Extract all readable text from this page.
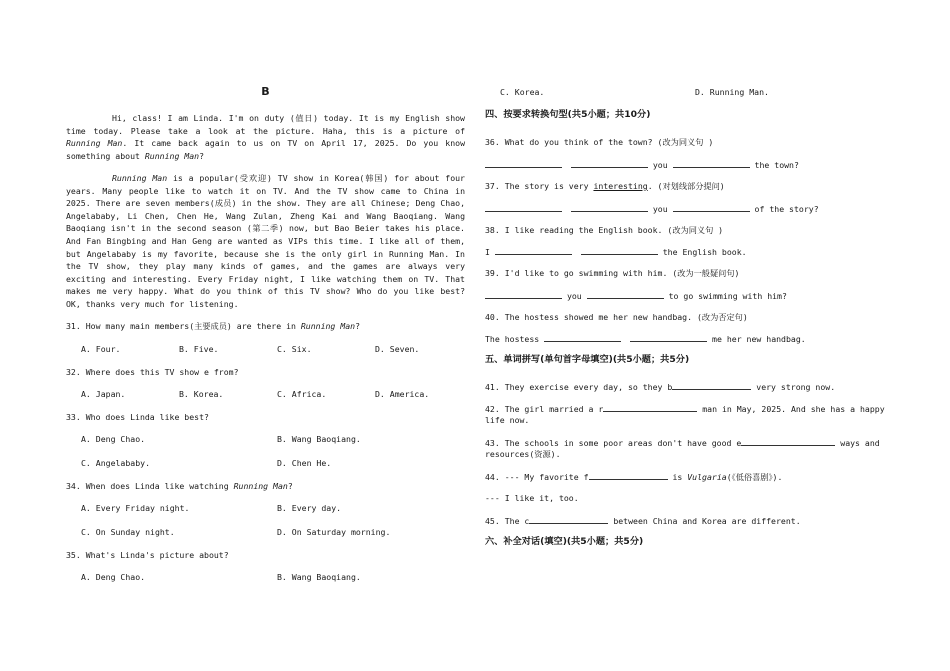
B

Hi, class! I am Linda. I'm on duty (值日) today. It is my English show time today. Please take a look at the picture. Haha, this is a picture of Running Man. It came back again to us on TV on April 17, 2025. Do you know something about Running Man?

Running Man is a popular(受欢迎) TV show in Korea(韩国) for about four years. Many people like to watch it on TV. And the TV show came to China in 2025. There are seven members(成员) in the show. They are all Chinese; Deng Chao, Angelababy, Li Chen, Chen He, Wang Zulan, Zheng Kai and Wang Baoqiang. Wang Baoqiang isn't in the second season (第二季) now, but Bao Beier takes his place. And Fan Bingbing and Han Geng are wanted as VIPs this time. I like all of them, but Angelababy is my favorite, because she is the only girl in Running Man. In the TV show, they play many kinds of games, and the games are always very exciting and interesting. Every Friday night, I like watching them on TV. That makes me very happy. What do you think of this TV show? Who do you like best? OK, thanks very much for listening.

31. How many main members(主要成员) are there in Running Man?
A. Four.	B. Five.	C. Six.	D. Seven.
32. Where does this TV show e from?
A. Japan.	B. Korea.	C. Africa.	D. America.
33. Who does Linda like best?
A. Deng Chao.	B. Wang Baoqiang.
C. Angelababy.	D. Chen He.
34. When does Linda like watching Running Man?
A. Every Friday night.	B. Every day.
C. On Sunday night.	D. On Saturday morning.
35. What's Linda's picture about?
A. Deng Chao.	B. Wang Baoqiang.
C. Korea.	D. Running Man.
四、按要求转换句型(共5小题；共10分)
36. What do you think of the town? (改为同义句 )
you	the town?
37. The story is very interesting. (对划线部分提问)
you	of the story?
38. I like reading the English book. (改为同义句 )
I	the English book.
39. I'd like to go swimming with him. (改为一般疑问句)
you	to go swimming with him?
40. The hostess showed me her new handbag. (改为否定句)
The hostess	me her new handbag.
五、单词拼写(单句首字母填空)(共5小题；共5分)
41. They exercise every day, so they b	very strong now.
42. The girl married a r	man in May, 2025. And she has a happy
life now.
43. The schools in some poor areas don't have good e	ways and
resources(资源).
44. --- My favorite f	is Vulgaria(《低俗喜剧》).
--- I like it, too.
45. The c	between China and Korea are different.
六、补全对话(填空)(共5小题；共5分)
